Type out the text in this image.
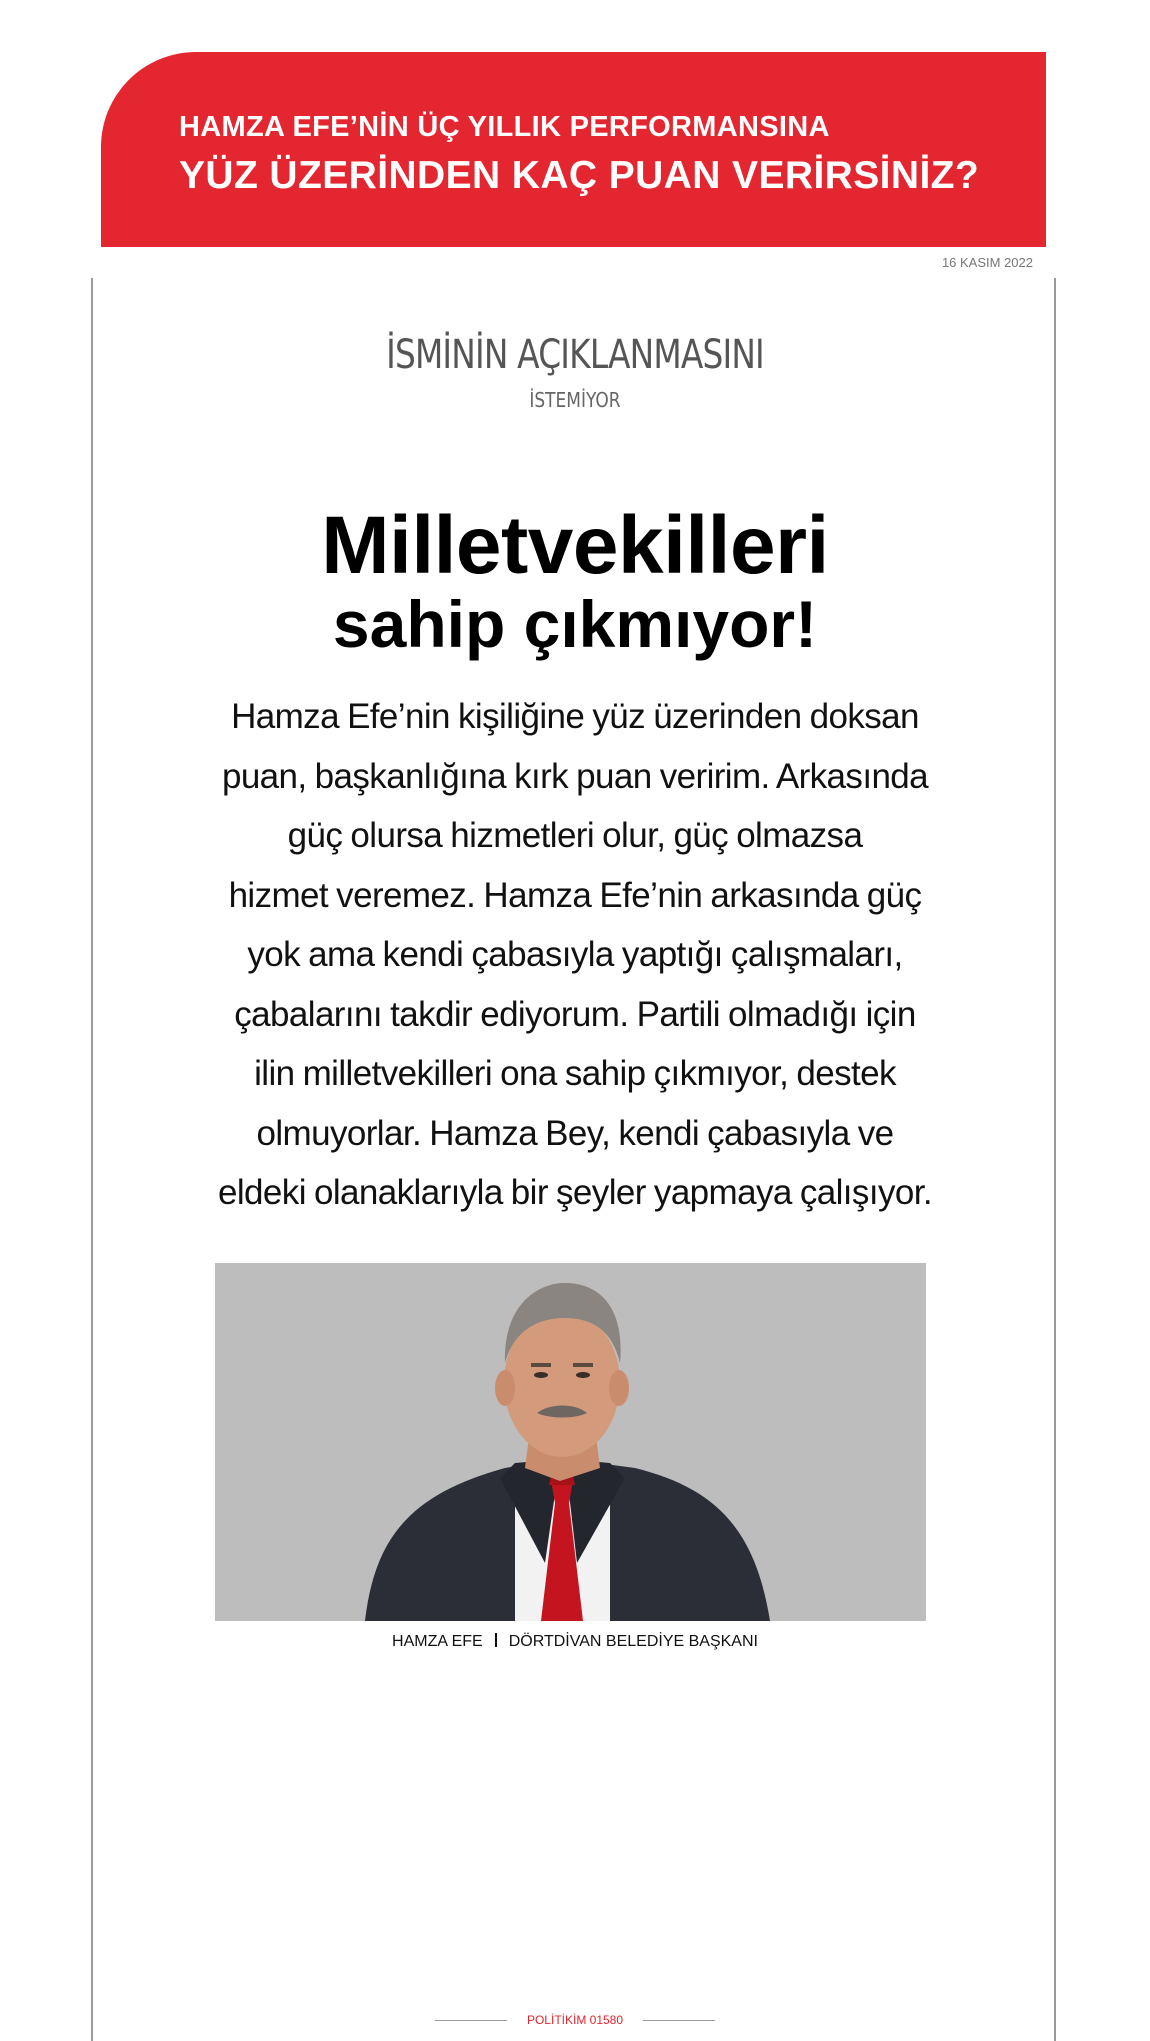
HAMZA EFE’NİN ÜÇ YILLIK PERFORMANSINA
YÜZ ÜZERİNDEN KAÇ PUAN VERİRSİNİZ?
16 KASIM 2022
İSMİNİN AÇIKLANMASINI
İSTEMİYOR
Milletvekilleri
sahip çıkmıyor!
Hamza Efe’nin kişiliğine yüz üzerinden doksan
puan, başkanlığına kırk puan veririm. Arkasında
güç olursa hizmetleri olur, güç olmazsa
hizmet veremez. Hamza Efe’nin arkasında güç
yok ama kendi çabasıyla yaptığı çalışmaları,
çabalarını takdir ediyorum. Partili olmadığı için
ilin milletvekilleri ona sahip çıkmıyor, destek
olmuyorlar. Hamza Bey, kendi çabasıyla ve
eldeki olanaklarıyla bir şeyler yapmaya çalışıyor.
HAMZA EFE DÖRTDİVAN BELEDİYE BAŞKANI
POLİTİKİM 01580
